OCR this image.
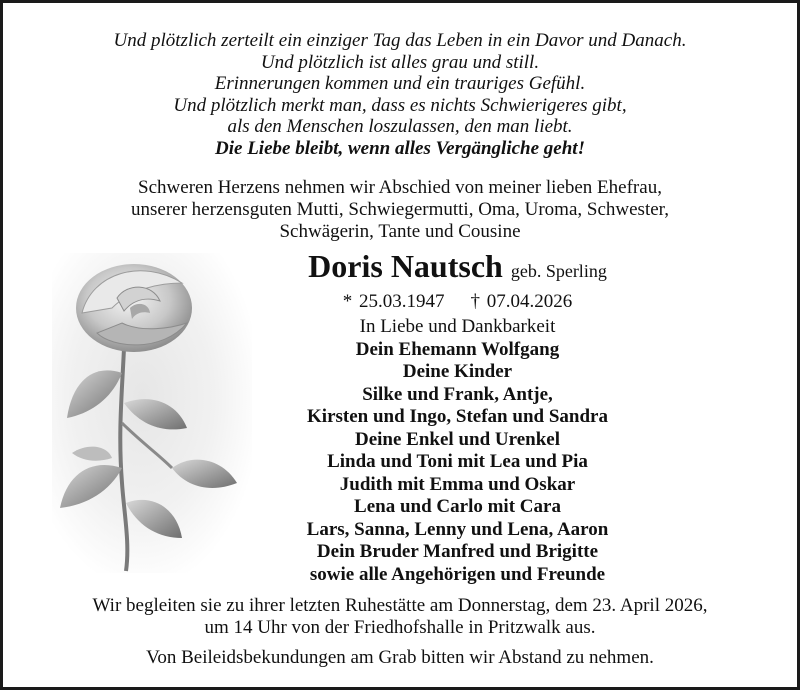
Und plötzlich zerteilt ein einziger Tag das Leben in ein Davor und Danach.
Und plötzlich ist alles grau und still.
Erinnerungen kommen und ein trauriges Gefühl.
Und plötzlich merkt man, dass es nichts Schwierigeres gibt,
als den Menschen loszulassen, den man liebt.
Die Liebe bleibt, wenn alles Vergängliche geht!
Schweren Herzens nehmen wir Abschied von meiner lieben Ehefrau,
unserer herzensguten Mutti, Schwiegermutti, Oma, Uroma, Schwester,
Schwägerin, Tante und Cousine
Doris Nautsch geb. Sperling
* 25.03.1947 † 07.04.2026
In Liebe und Dankbarkeit
Dein Ehemann Wolfgang
Deine Kinder
Silke und Frank, Antje,
Kirsten und Ingo, Stefan und Sandra
Deine Enkel und Urenkel
Linda und Toni mit Lea und Pia
Judith mit Emma und Oskar
Lena und Carlo mit Cara
Lars, Sanna, Lenny und Lena, Aaron
Dein Bruder Manfred und Brigitte
sowie alle Angehörigen und Freunde
Wir begleiten sie zu ihrer letzten Ruhestätte am Donnerstag, dem 23. April 2026,
um 14 Uhr von der Friedhofshalle in Pritzwalk aus.
Von Beileidsbekundungen am Grab bitten wir Abstand zu nehmen.
